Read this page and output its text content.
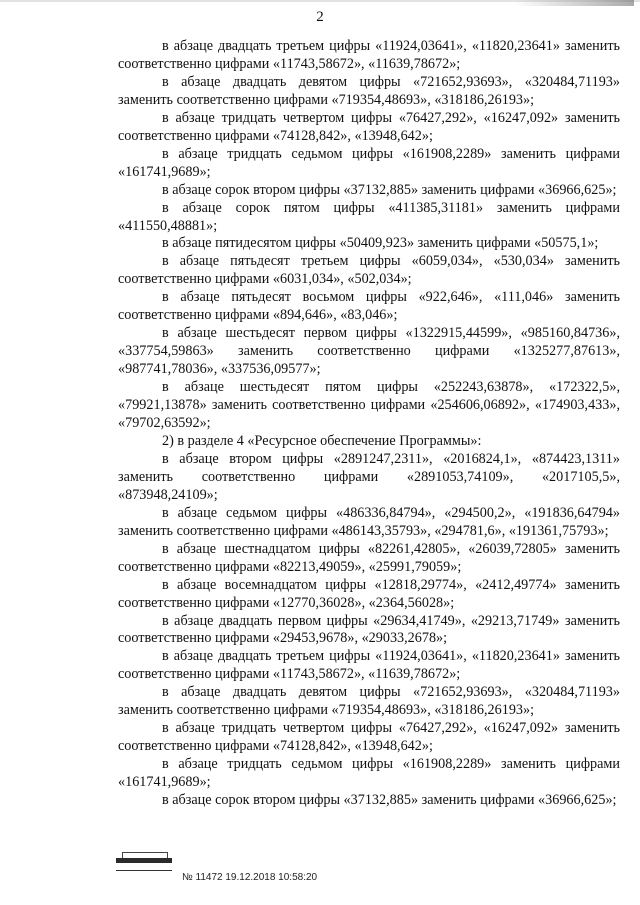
2

в абзаце двадцать третьем цифры «11924,03641», «11820,23641» заменить соответственно цифрами «11743,58672», «11639,78672»;

в абзаце двадцать девятом цифры «721652,93693», «320484,71193» заменить соответственно цифрами «719354,48693», «318186,26193»;

в абзаце тридцать четвертом цифры «76427,292», «16247,092» заменить соответственно цифрами «74128,842», «13948,642»;

в абзаце тридцать седьмом цифры «161908,2289» заменить цифрами «161741,9689»;

в абзаце сорок втором цифры «37132,885» заменить цифрами «36966,625»;

в абзаце сорок пятом цифры «411385,31181» заменить цифрами «411550,48881»;

в абзаце пятидесятом цифры «50409,923» заменить цифрами «50575,1»;

в абзаце пятьдесят третьем цифры «6059,034», «530,034» заменить соответственно цифрами «6031,034», «502,034»;

в абзаце пятьдесят восьмом цифры «922,646», «111,046» заменить соответственно цифрами «894,646», «83,046»;

в абзаце шестьдесят первом цифры «1322915,44599», «985160,84736», «337754,59863» заменить соответственно цифрами «1325277,87613», «987741,78036», «337536,09577»;

в абзаце шестьдесят пятом цифры «252243,63878», «172322,5», «79921,13878» заменить соответственно цифрами «254606,06892», «174903,433», «79702,63592»;

2) в разделе 4 «Ресурсное обеспечение Программы»:

в абзаце втором цифры «2891247,2311», «2016824,1», «874423,1311» заменить соответственно цифрами «2891053,74109», «2017105,5», «873948,24109»;

в абзаце седьмом цифры «486336,84794», «294500,2», «191836,64794» заменить соответственно цифрами «486143,35793», «294781,6», «191361,75793»;

в абзаце шестнадцатом цифры «82261,42805», «26039,72805» заменить соответственно цифрами «82213,49059», «25991,79059»;

в абзаце восемнадцатом цифры «12818,29774», «2412,49774» заменить соответственно цифрами «12770,36028», «2364,56028»;

в абзаце двадцать первом цифры «29634,41749», «29213,71749» заменить соответственно цифрами «29453,9678», «29033,2678»;

в абзаце двадцать третьем цифры «11924,03641», «11820,23641» заменить соответственно цифрами «11743,58672», «11639,78672»;

в абзаце двадцать девятом цифры «721652,93693», «320484,71193» заменить соответственно цифрами «719354,48693», «318186,26193»;

в абзаце тридцать четвертом цифры «76427,292», «16247,092» заменить соответственно цифрами «74128,842», «13948,642»;

в абзаце тридцать седьмом цифры «161908,2289» заменить цифрами «161741,9689»;

в абзаце сорок втором цифры «37132,885» заменить цифрами «36966,625»;

№ 11472 19.12.2018 10:58:20
